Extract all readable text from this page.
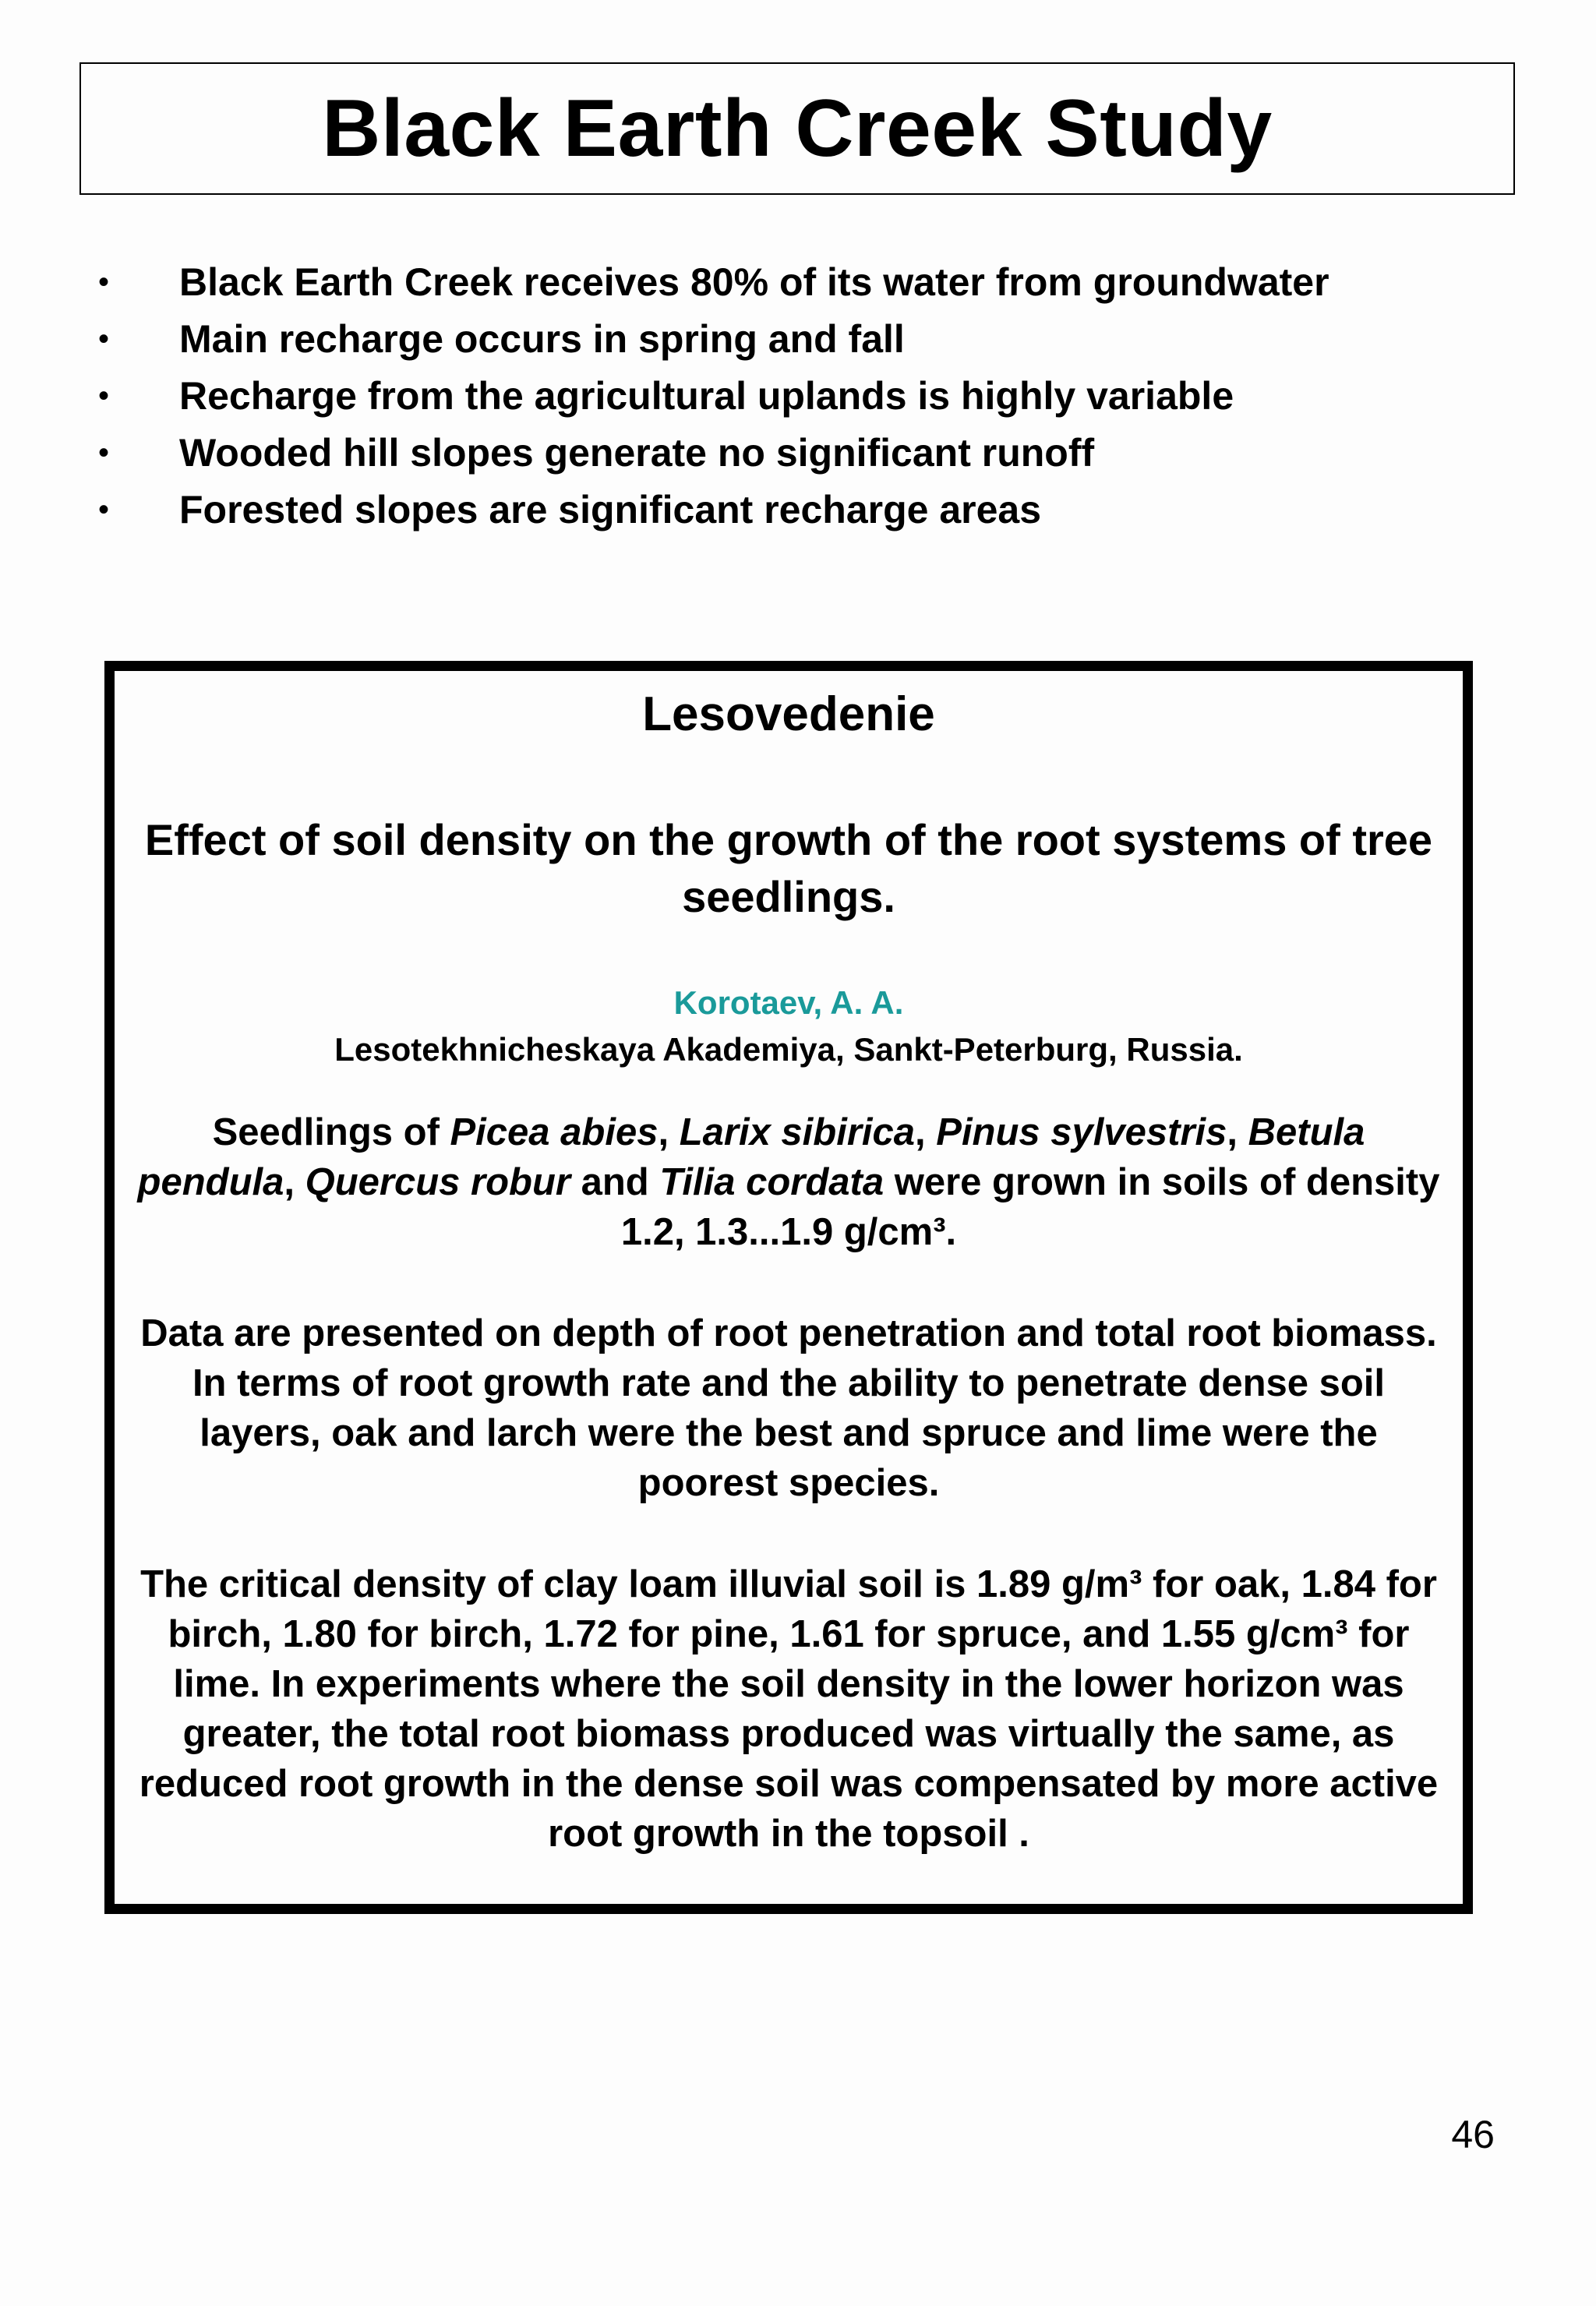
Black Earth Creek Study
• Black Earth Creek receives 80% of its water from groundwater
• Main recharge occurs in spring and fall
• Recharge from the agricultural uplands is highly variable
• Wooded hill slopes generate no significant runoff
• Forested slopes are significant recharge areas
Lesovedenie
Effect of soil density on the growth of the root systems of tree seedlings.
Korotaev, A. A.
Lesotekhnicheskaya Akademiya, Sankt-Peterburg, Russia.
Seedlings of Picea abies, Larix sibirica, Pinus sylvestris, Betula pendula, Quercus robur and Tilia cordata were grown in soils of density 1.2, 1.3...1.9 g/cm³.
Data are presented on depth of root penetration and total root biomass. In terms of root growth rate and the ability to penetrate dense soil layers, oak and larch were the best and spruce and lime were the poorest species.
The critical density of clay loam illuvial soil is 1.89 g/m³ for oak, 1.84 for birch, 1.80 for birch, 1.72 for pine, 1.61 for spruce, and 1.55 g/cm³ for lime. In experiments where the soil density in the lower horizon was greater, the total root biomass produced was virtually the same, as reduced root growth in the dense soil was compensated by more active root growth in the topsoil .
46
